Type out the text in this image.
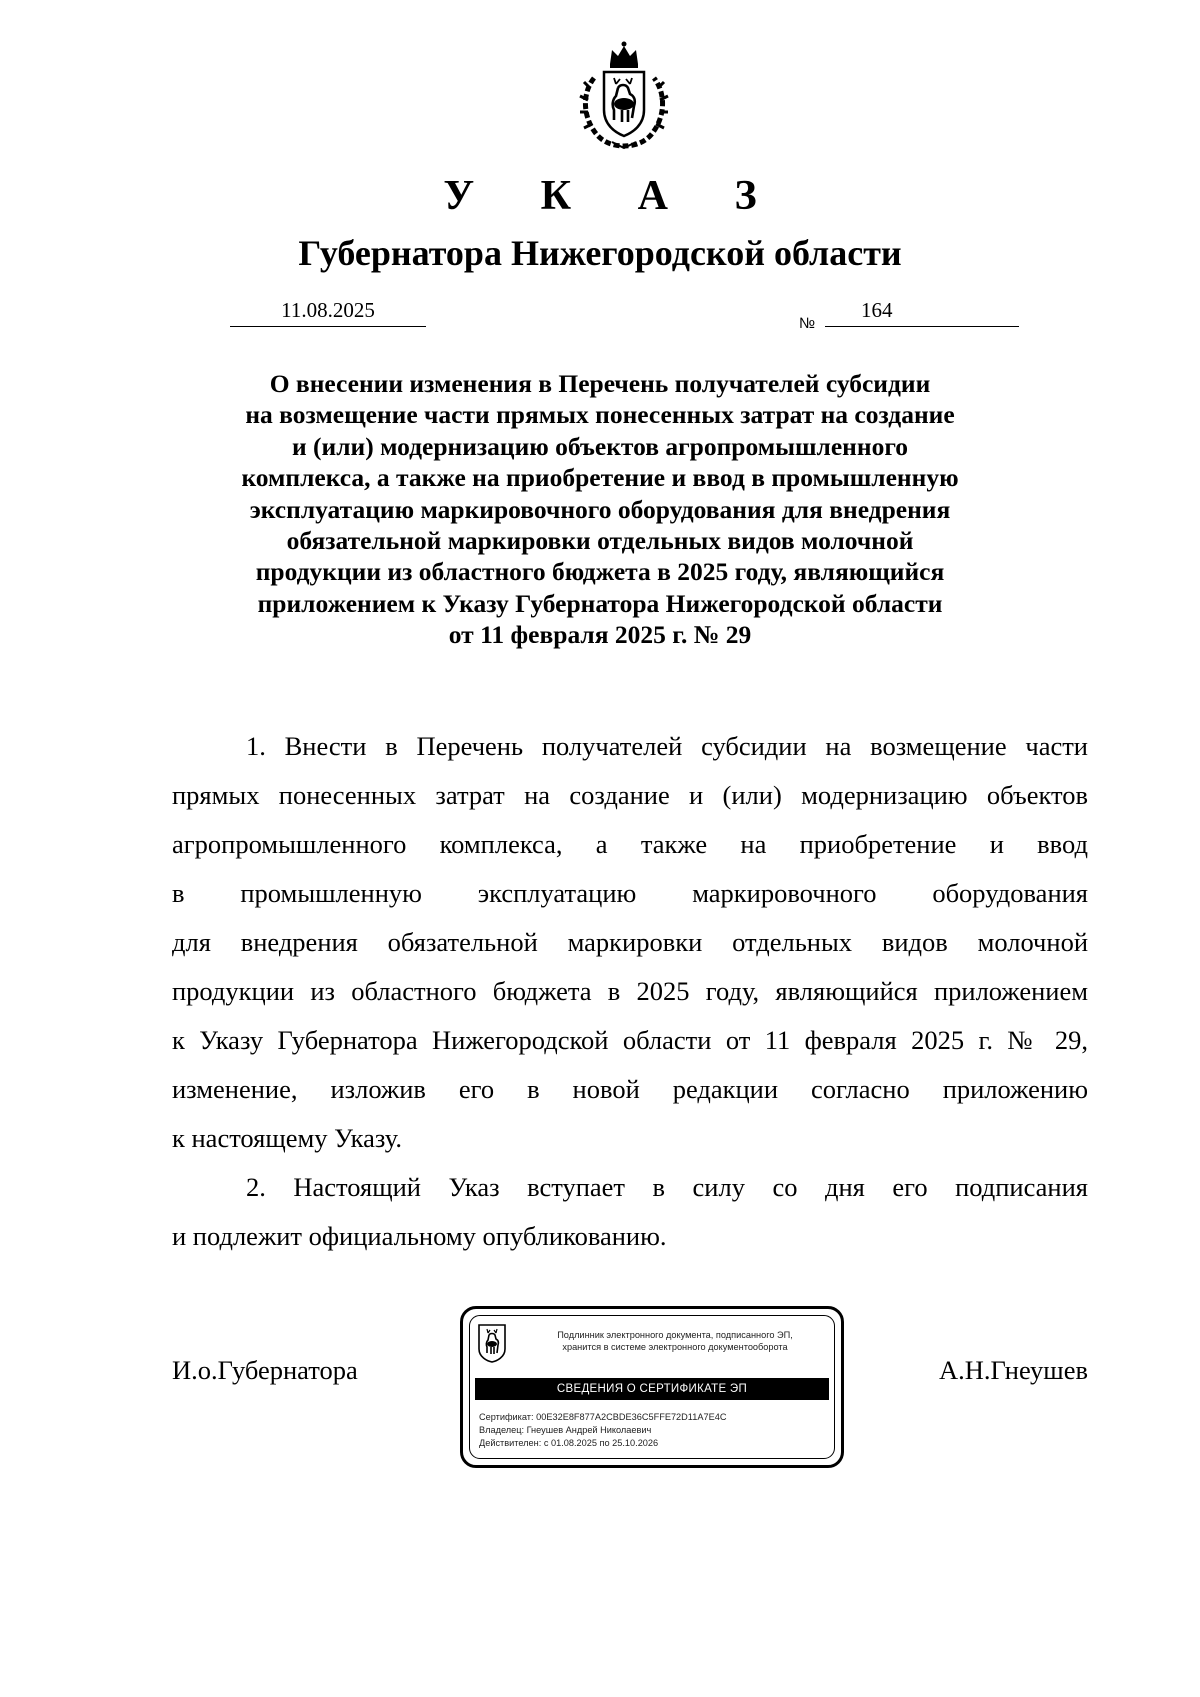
У К А З
Губернатора Нижегородской области
11.08.2025
№
164
О внесении изменения в Перечень получателей субсидии
на возмещение части прямых понесенных затрат на создание
и (или) модернизацию объектов агропромышленного
комплекса, а также на приобретение и ввод в промышленную
эксплуатацию маркировочного оборудования для внедрения
обязательной маркировки отдельных видов молочной
продукции из областного бюджета в 2025 году, являющийся
приложением к Указу Губернатора Нижегородской области
от 11 февраля 2025 г. № 29
1. Внести в Перечень получателей субсидии на возмещение части
прямых понесенных затрат на создание и (или) модернизацию объектов
агропромышленного комплекса, а также на приобретение и ввод
в промышленную эксплуатацию маркировочного оборудования
для внедрения обязательной маркировки отдельных видов молочной
продукции из областного бюджета в 2025 году, являющийся приложением
к Указу Губернатора Нижегородской области от 11 февраля 2025 г. № 29,
изменение, изложив его в новой редакции согласно приложению
к настоящему Указу.
2. Настоящий Указ вступает в силу со дня его подписания
и подлежит официальному опубликованию.
И.о.Губернатора	А.Н.Гнеушев
Подлинник электронного документа, подписанного ЭП,
хранится в системе электронного документооборота
СВЕДЕНИЯ О СЕРТИФИКАТЕ ЭП
Сертификат: 00E32E8F877A2CBDE36C5FFE72D11A7E4C
Владелец: Гнеушев Андрей Николаевич
Действителен: с 01.08.2025 по 25.10.2026
